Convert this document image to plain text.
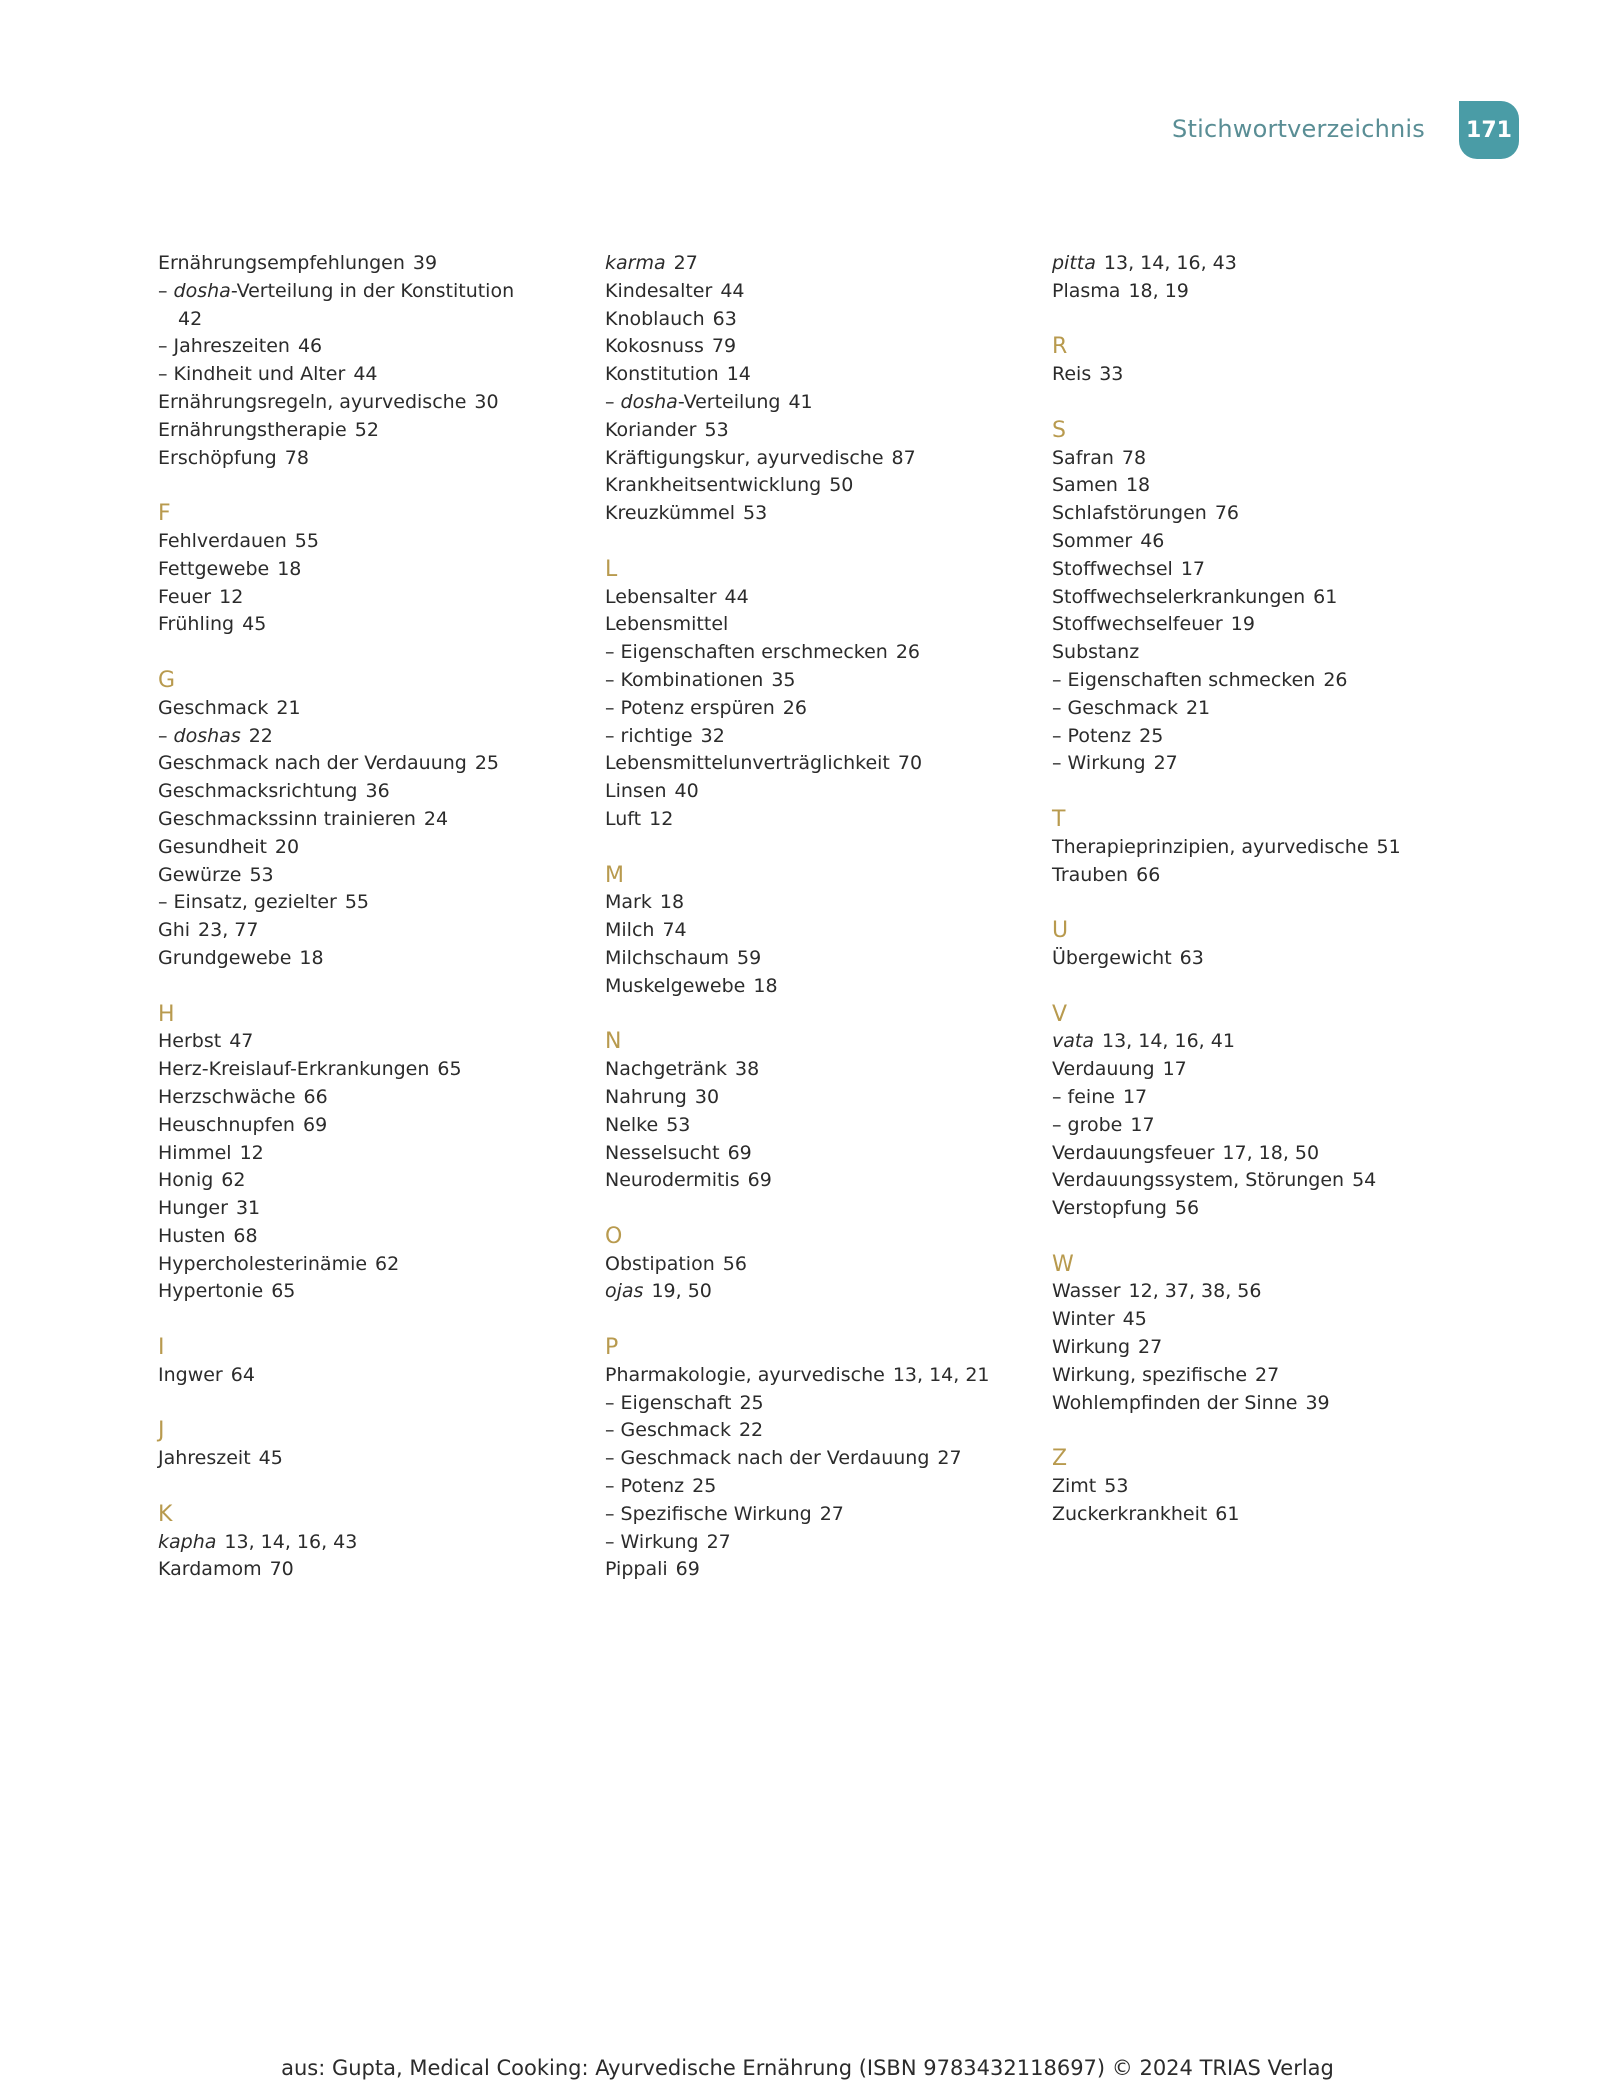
Stichwortverzeichnis	171
Ernährungsempfehlungen 39
– dosha-Verteilung in der Konstitution
42
– Jahreszeiten 46
– Kindheit und Alter 44
Ernährungsregeln, ayurvedische 30
Ernährungstherapie 52
Erschöpfung 78
F
Fehlverdauen 55
Fettgewebe 18
Feuer 12
Frühling 45
G
Geschmack 21
– doshas 22
Geschmack nach der Verdauung 25
Geschmacksrichtung 36
Geschmackssinn trainieren 24
Gesundheit 20
Gewürze 53
– Einsatz, gezielter 55
Ghi 23, 77
Grundgewebe 18
H
Herbst 47
Herz-Kreislauf-Erkrankungen 65
Herzschwäche 66
Heuschnupfen 69
Himmel 12
Honig 62
Hunger 31
Husten 68
Hypercholesterinämie 62
Hypertonie 65
I
Ingwer 64
J
Jahreszeit 45
K
kapha 13, 14, 16, 43
Kardamom 70
karma 27
Kindesalter 44
Knoblauch 63
Kokosnuss 79
Konstitution 14
– dosha-Verteilung 41
Koriander 53
Kräftigungskur, ayurvedische 87
Krankheitsentwicklung 50
Kreuzkümmel 53
L
Lebensalter 44
Lebensmittel
– Eigenschaften erschmecken 26
– Kombinationen 35
– Potenz erspüren 26
– richtige 32
Lebensmittelunverträglichkeit 70
Linsen 40
Luft 12
M
Mark 18
Milch 74
Milchschaum 59
Muskelgewebe 18
N
Nachgetränk 38
Nahrung 30
Nelke 53
Nesselsucht 69
Neurodermitis 69
O
Obstipation 56
ojas 19, 50
P
Pharmakologie, ayurvedische 13, 14, 21
– Eigenschaft 25
– Geschmack 22
– Geschmack nach der Verdauung 27
– Potenz 25
– Spezifische Wirkung 27
– Wirkung 27
Pippali 69
pitta 13, 14, 16, 43
Plasma 18, 19
R
Reis 33
S
Safran 78
Samen 18
Schlafstörungen 76
Sommer 46
Stoffwechsel 17
Stoffwechselerkrankungen 61
Stoffwechselfeuer 19
Substanz
– Eigenschaften schmecken 26
– Geschmack 21
– Potenz 25
– Wirkung 27
T
Therapieprinzipien, ayurvedische 51
Trauben 66
U
Übergewicht 63
V
vata 13, 14, 16, 41
Verdauung 17
– feine 17
– grobe 17
Verdauungsfeuer 17, 18, 50
Verdauungssystem, Störungen 54
Verstopfung 56
W
Wasser 12, 37, 38, 56
Winter 45
Wirkung 27
Wirkung, spezifische 27
Wohlempfinden der Sinne 39
Z
Zimt 53
Zuckerkrankheit 61
aus: Gupta, Medical Cooking: Ayurvedische Ernährung (ISBN 9783432118697) © 2024 TRIAS Verlag
